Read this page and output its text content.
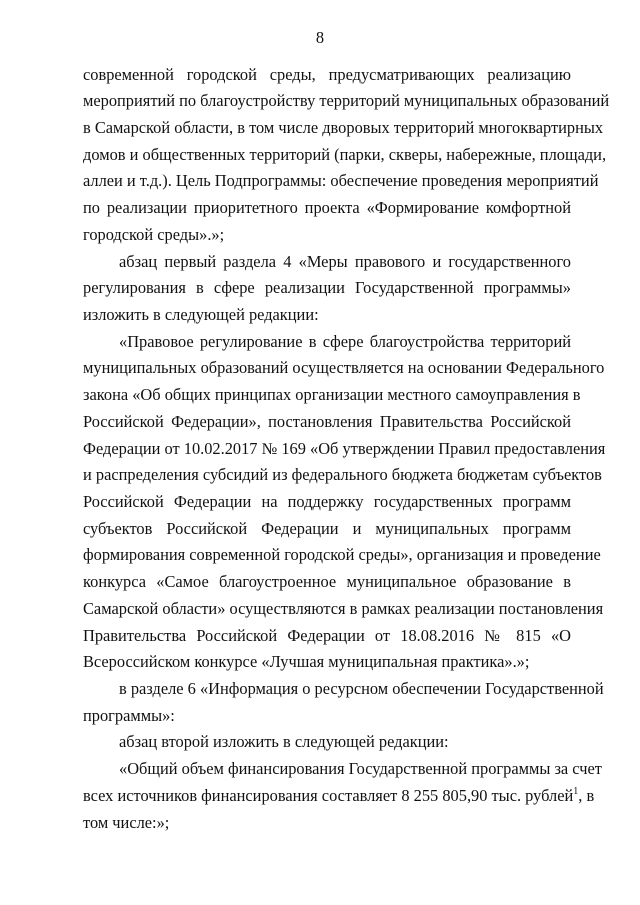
8
современной городской среды, предусматривающих реализацию
мероприятий по благоустройству территорий муниципальных образований
в Самарской области, в том числе дворовых территорий многоквартирных
домов и общественных территорий (парки, скверы, набережные, площади,
аллеи и т.д.). Цель Подпрограммы: обеспечение проведения мероприятий
по реализации приоритетного проекта «Формирование комфортной
городской среды».»;
абзац первый раздела 4 «Меры правового и государственного
регулирования в сфере реализации Государственной программы»
изложить в следующей редакции:
«Правовое регулирование в сфере благоустройства территорий
муниципальных образований осуществляется на основании Федерального
закона «Об общих принципах организации местного самоуправления в
Российской Федерации», постановления Правительства Российской
Федерации от 10.02.2017 № 169 «Об утверждении Правил предоставления
и распределения субсидий из федерального бюджета бюджетам субъектов
Российской Федерации на поддержку государственных программ
субъектов Российской Федерации и муниципальных программ
формирования современной городской среды», организация и проведение
конкурса «Самое благоустроенное муниципальное образование в
Самарской области» осуществляются в рамках реализации постановления
Правительства Российской Федерации от 18.08.2016 № 815 «О
Всероссийском конкурсе «Лучшая муниципальная практика».»;
в разделе 6 «Информация о ресурсном обеспечении Государственной
программы»:
абзац второй изложить в следующей редакции:
«Общий объем финансирования Государственной программы за счет
всех источников финансирования составляет 8 255 805,90 тыс. рублей$^1$, в
том числе:»;
